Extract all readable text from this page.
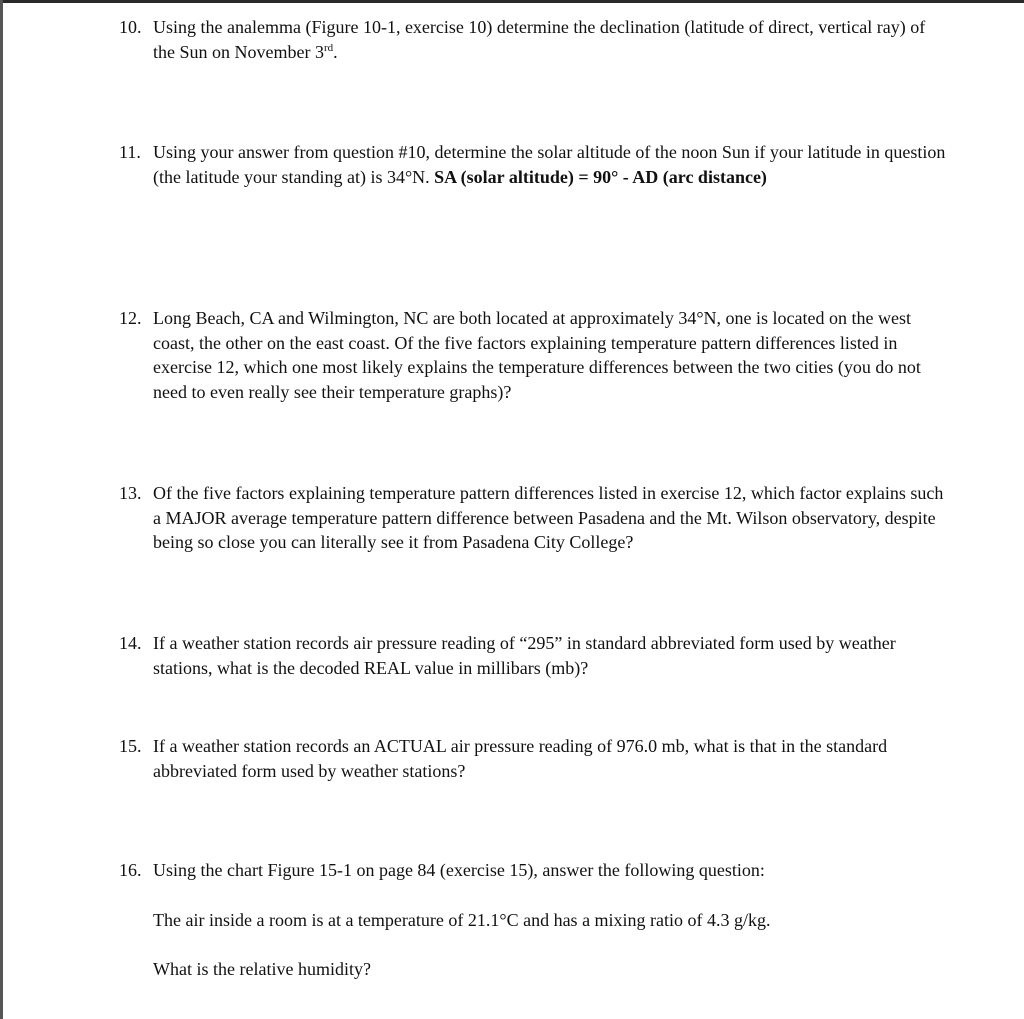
10. Using the analemma (Figure 10-1, exercise 10) determine the declination (latitude of direct, vertical ray) of the Sun on November 3rd.
11. Using your answer from question #10, determine the solar altitude of the noon Sun if your latitude in question (the latitude your standing at) is 34°N. SA (solar altitude) = 90° - AD (arc distance)
12. Long Beach, CA and Wilmington, NC are both located at approximately 34°N, one is located on the west coast, the other on the east coast. Of the five factors explaining temperature pattern differences listed in exercise 12, which one most likely explains the temperature differences between the two cities (you do not need to even really see their temperature graphs)?
13. Of the five factors explaining temperature pattern differences listed in exercise 12, which factor explains such a MAJOR average temperature pattern difference between Pasadena and the Mt. Wilson observatory, despite being so close you can literally see it from Pasadena City College?
14. If a weather station records air pressure reading of “295” in standard abbreviated form used by weather stations, what is the decoded REAL value in millibars (mb)?
15. If a weather station records an ACTUAL air pressure reading of 976.0 mb, what is that in the standard abbreviated form used by weather stations?
16. Using the chart Figure 15-1 on page 84 (exercise 15), answer the following question:
The air inside a room is at a temperature of 21.1°C and has a mixing ratio of 4.3 g/kg.
What is the relative humidity?
